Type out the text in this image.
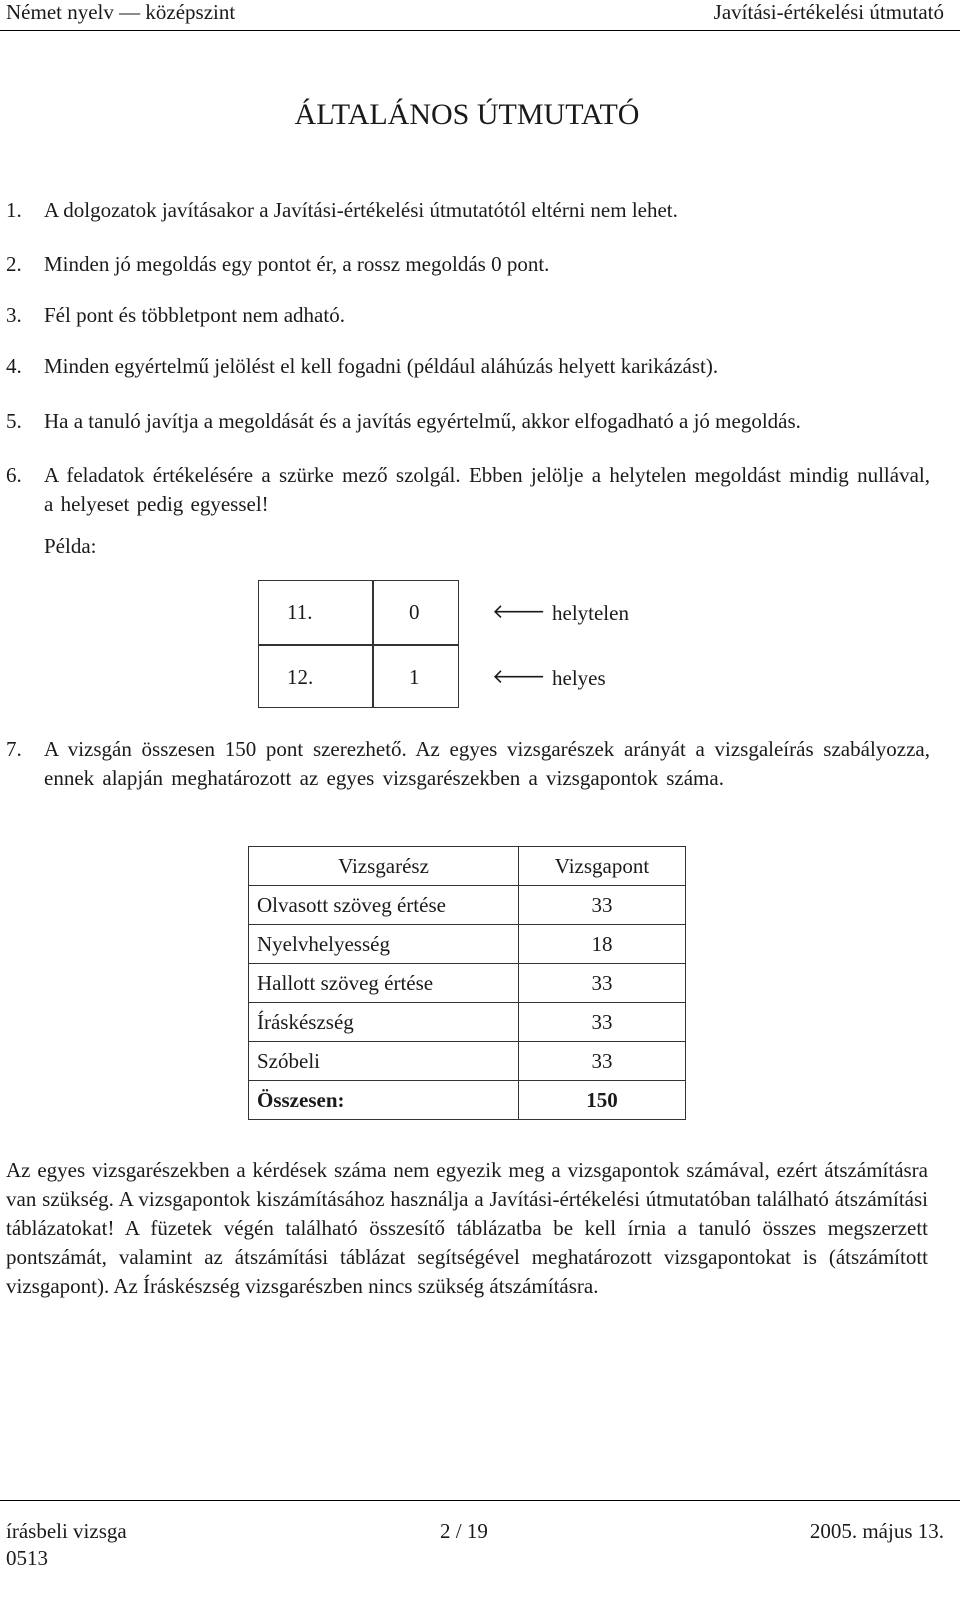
Német nyelv — középszint	Javítási-értékelési útmutató
ÁLTALÁNOS ÚTMUTATÓ
1. A dolgozatok javításakor a Javítási-értékelési útmutatótól eltérni nem lehet.
2. Minden jó megoldás egy pontot ér, a rossz megoldás 0 pont.
3. Fél pont és többletpont nem adható.
4. Minden egyértelmű jelölést el kell fogadni (például aláhúzás helyett karikázást).
5. Ha a tanuló javítja a megoldását és a javítás egyértelmű, akkor elfogadható a jó megoldás.
6. A feladatok értékelésére a szürke mező szolgál. Ebben jelölje a helytelen megoldást mindig nullával, a helyeset pedig egyessel!
Példa:
11.	0
12.	1
🡐 helytelen
🡐 helyes
7. A vizsgán összesen 150 pont szerezhető. Az egyes vizsgarészek arányát a vizsgaleírás szabályozza, ennek alapján meghatározott az egyes vizsgarészekben a vizsgapontok száma.
Vizsgarész	Vizsgapont
Olvasott szöveg értése	33
Nyelvhelyesség	18
Hallott szöveg értése	33
Íráskészség	33
Szóbeli	33
Összesen:	150
Az egyes vizsgarészekben a kérdések száma nem egyezik meg a vizsgapontok számával, ezért átszámításra van szükség. A vizsgapontok kiszámításához használja a Javítási-értékelési útmutatóban található átszámítási táblázatokat! A füzetek végén található összesítő táblázatba be kell írnia a tanuló összes megszerzett pontszámát, valamint az átszámítási táblázat segítségével meghatározott vizsgapontokat is (átszámított vizsgapont). Az Íráskészség vizsgarészben nincs szükség átszámításra.
írásbeli vizsga
0513
2 / 19	2005. május 13.
